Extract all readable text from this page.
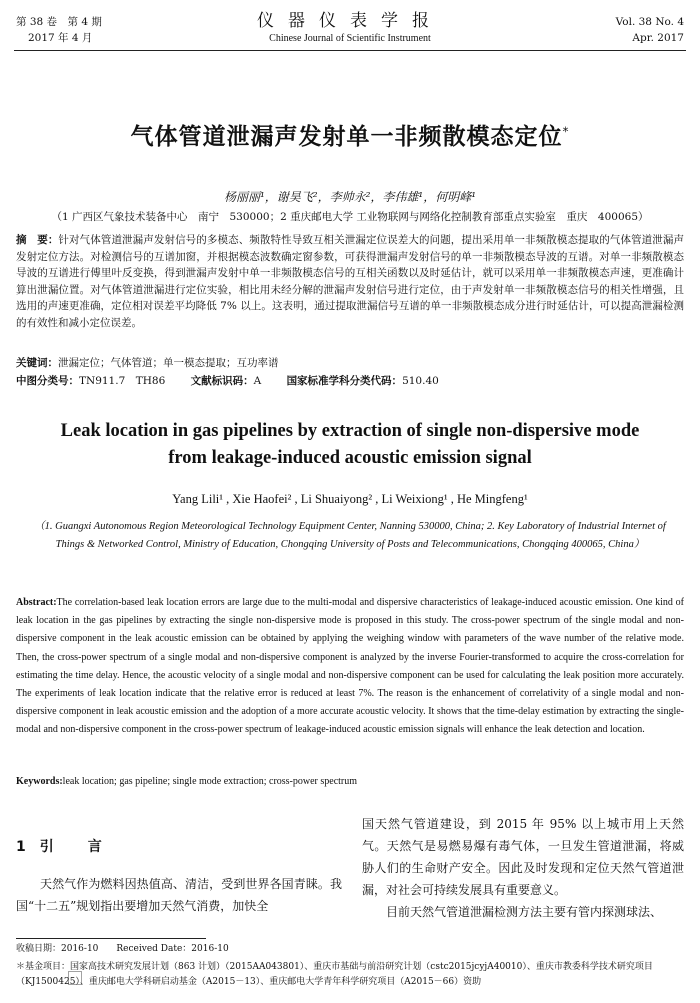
第 38 卷　第 4 期
2017 年 4 月
仪器仪表学报
Chinese Journal of Scientific Instrument
Vol. 38 No. 4
Apr. 2017
气体管道泄漏声发射单一非频散模态定位*
杨丽丽¹，谢昊飞²，李帅永²，李伟雄¹，何明峰¹
（1 广西区气象技术装备中心　南宁　530000；2 重庆邮电大学 工业物联网与网络化控制教育部重点实验室　重庆　400065）
摘　要：针对气体管道泄漏声发射信号的多模态、频散特性导致互相关泄漏定位误差大的问题，提出采用单一非频散模态提取的气体管道泄漏声发射定位方法。对检测信号的互谱加窗，并根据模态波数确定窗参数，可获得泄漏声发射信号的单一非频散模态导波的互谱。对单一非频散模态导波的互谱进行傅里叶反变换，得到泄漏声发射中单一非频散模态信号的互相关函数以及时延估计，就可以采用单一非频散模态声速，更准确计算出泄漏位置。对气体管道泄漏进行定位实验，相比用未经分解的泄漏声发射信号进行定位，由于声发射单一非频散模态信号的相关性增强，且选用的声速更准确，定位相对误差平均降低 7% 以上。这表明，通过提取泄漏信号互谱的单一非频散模态成分进行时延估计，可以提高泄漏检测的有效性和减小定位误差。
关键词：泄漏定位；气体管道；单一模态提取；互功率谱
中图分类号：TN911.7　TH86 文献标识码：A 国家标准学科分类代码：510.40
Leak location in gas pipelines by extraction of single non-dispersive mode from leakage-induced acoustic emission signal
Yang Lili¹ , Xie Haofei² , Li Shuaiyong² , Li Weixiong¹ , He Mingfeng¹
（1. Guangxi Autonomous Region Meteorological Technology Equipment Center, Nanning 530000, China; 2. Key Laboratory of Industrial Internet of Things & Networked Control, Ministry of Education, Chongqing University of Posts and Telecommunications, Chongqing 400065, China）
Abstract:The correlation-based leak location errors are large due to the multi-modal and dispersive characteristics of leakage-induced acoustic emission. One kind of leak location in the gas pipelines by extracting the single non-dispersive mode is proposed in this study. The cross-power spectrum of the single modal and non-dispersive component in the leak acoustic emission can be obtained by applying the weighing window with parameters of the wave number of the relative mode. Then, the cross-power spectrum of a single modal and non-dispersive component is analyzed by the inverse Fourier-transformed to acquire the cross-correlation for estimating the time delay. Hence, the acoustic velocity of a single modal and non-dispersive component can be used for calculating the leak position more accurately. The experiments of leak location indicate that the relative error is reduced at least 7%. The reason is the enhancement of correlativity of a single modal and non-dispersive component in leak acoustic emission and the adoption of a more accurate acoustic velocity. It shows that the time-delay estimation by extracting the single-modal and non-dispersive component in the cross-power spectrum of leakage-induced acoustic emission signals will enhance the leak detection and location.
Keywords:leak location; gas pipeline; single mode extraction; cross-power spectrum
1 引言
天然气作为燃料因热值高、清洁，受到世界各国青睐。我国“十二五”规划指出要增加天然气消费，加快全

国天然气管道建设，到 2015 年 95% 以上城市用上天然气。天然气是易燃易爆有毒气体，一旦发生管道泄漏，将威胁人们的生命财产安全。因此及时发现和定位天然气管道泄漏，对社会可持续发展具有重要意义。

目前天然气管道泄漏检测方法主要有管内探测球法、

收稿日期：2016-10　　Received Date：2016-10
＊基金项目：国家高技术研究发展计划（863 计划）（2015AA043801）、重庆市基础与前沿研究计划（cstc2015jcyjA40010）、重庆市教委科学技术研究项目（KJ1500425）、重庆邮电大学科研启动基金（A2015－13）、重庆邮电大学青年科学研究项目（A2015－66）资助
